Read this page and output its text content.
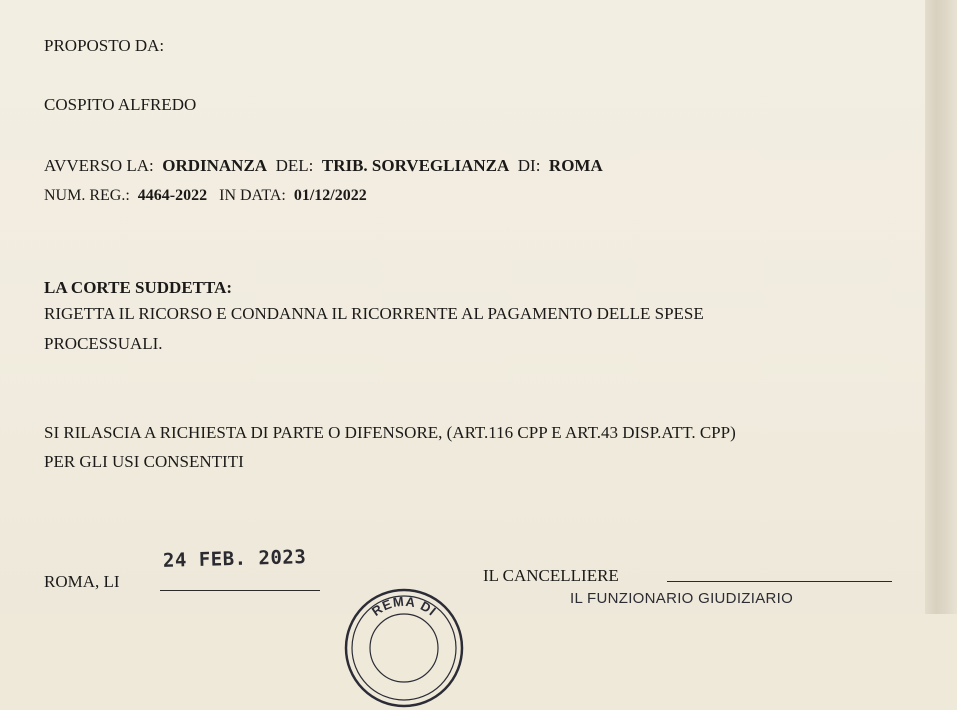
PROPOSTO DA:
COSPITO ALFREDO
AVVERSO LA: ORDINANZA DEL: TRIB. SORVEGLIANZA DI: ROMA
NUM. REG.: 4464-2022 IN DATA: 01/12/2022
LA CORTE SUDDETTA:
RIGETTA IL RICORSO E CONDANNA IL RICORRENTE AL PAGAMENTO DELLE SPESE
PROCESSUALI.
SI RILASCIA A RICHIESTA DI PARTE O DIFENSORE, (ART.116 CPP E ART.43 DISP.ATT. CPP)
PER GLI USI CONSENTITI
24 FEB. 2023
ROMA, LI	IL CANCELLIERE
IL FUNZIONARIO GIUDIZIARIO
REMA DI
